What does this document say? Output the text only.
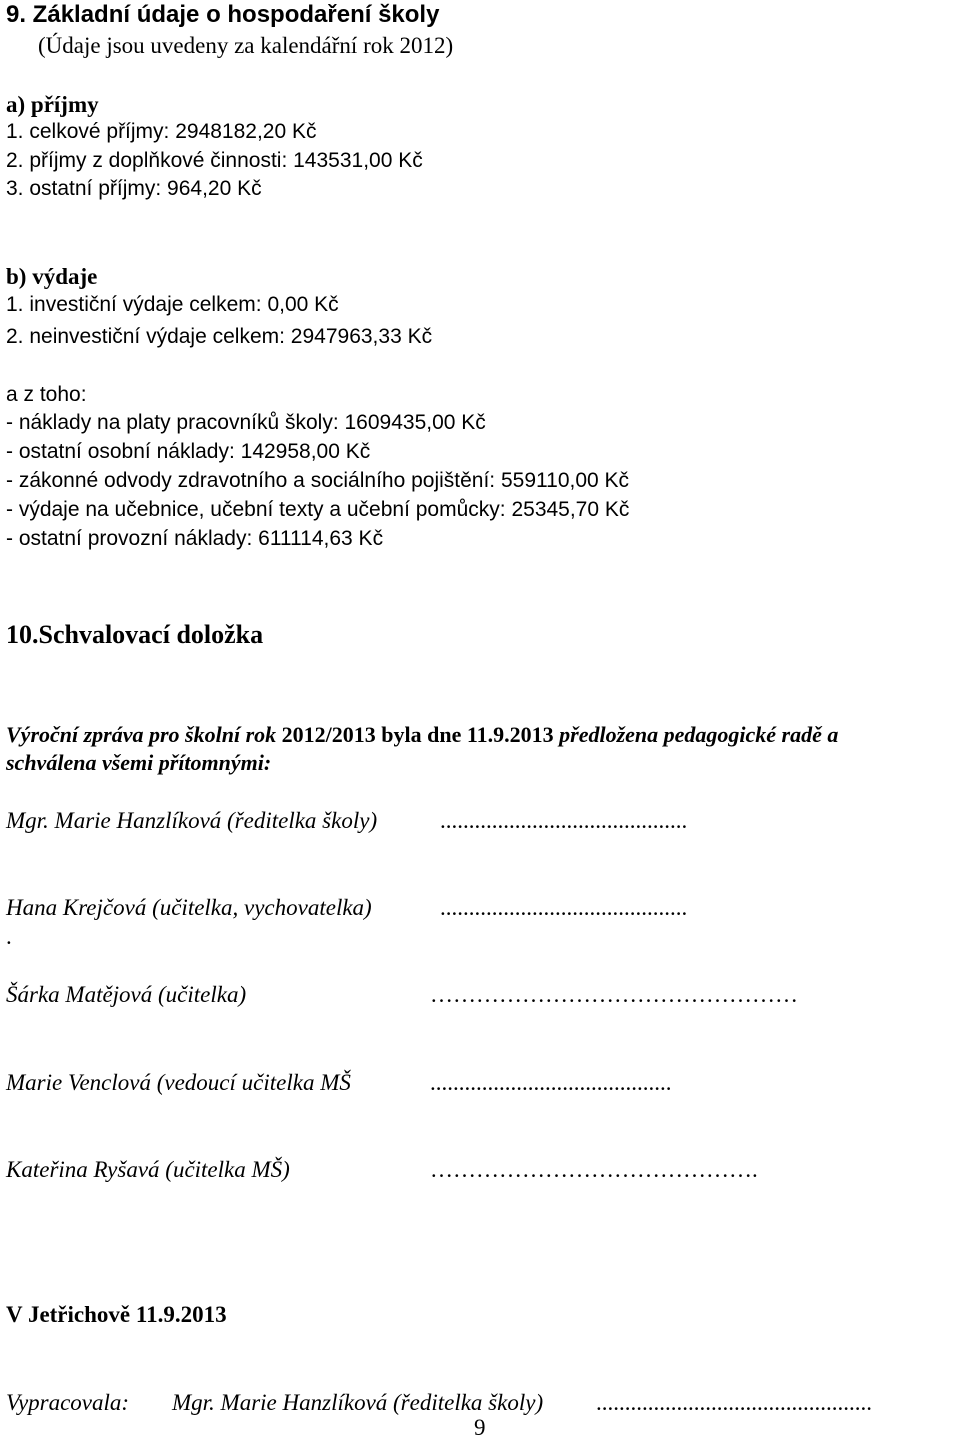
9. Základní údaje o hospodaření školy
(Údaje jsou uvedeny za kalendářní rok 2012)
a) příjmy
1. celkové příjmy: 2948182,20 Kč
2. příjmy z doplňkové činnosti: 143531,00 Kč
3. ostatní příjmy: 964,20 Kč
b) výdaje
1. investiční výdaje celkem: 0,00 Kč
2. neinvestiční výdaje celkem: 2947963,33 Kč
a z toho:
- náklady na platy pracovníků školy: 1609435,00 Kč
- ostatní osobní náklady: 142958,00 Kč
- zákonné odvody zdravotního a sociálního pojištění: 559110,00 Kč
- výdaje na učebnice, učební texty a učební pomůcky: 25345,70 Kč
- ostatní provozní náklady: 611114,63 Kč
10.Schvalovací doložka
Výroční zpráva pro školní rok 2012/2013 byla dne 11.9.2013 předložena pedagogické radě a
schválena všemi přítomnými:
Mgr. Marie Hanzlíková (ředitelka školy)	...........................................
Hana Krejčová (učitelka, vychovatelka)	...........................................
.
Šárka Matějová (učitelka)	…………………………………………
Marie Venclová (vedoucí učitelka MŠ	..........................................
Kateřina Ryšavá (učitelka MŠ)	…………………………………….
V Jetřichově 11.9.2013
Vypracovala: Mgr. Marie Hanzlíková (ředitelka školy) ................................................
9
